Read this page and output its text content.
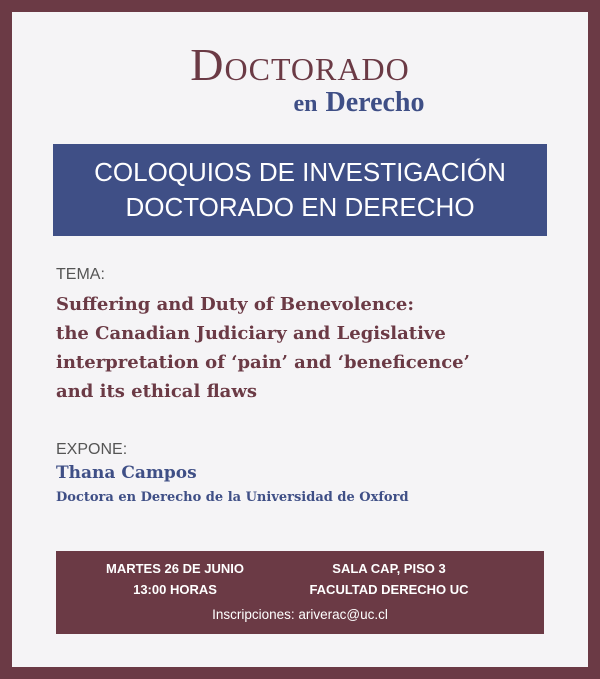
Doctorado
en Derecho
COLOQUIOS DE INVESTIGACIÓN
DOCTORADO EN DERECHO
TEMA:
Suffering and Duty of Benevolence:
the Canadian Judiciary and Legislative
interpretation of ‘pain’ and ‘beneficence’
and its ethical flaws
EXPONE:
Thana Campos
Doctora en Derecho de la Universidad de Oxford
MARTES 26 DE JUNIO
13:00 HORAS
SALA CAP, PISO 3
FACULTAD DERECHO UC
Inscripciones: ariverac@uc.cl
